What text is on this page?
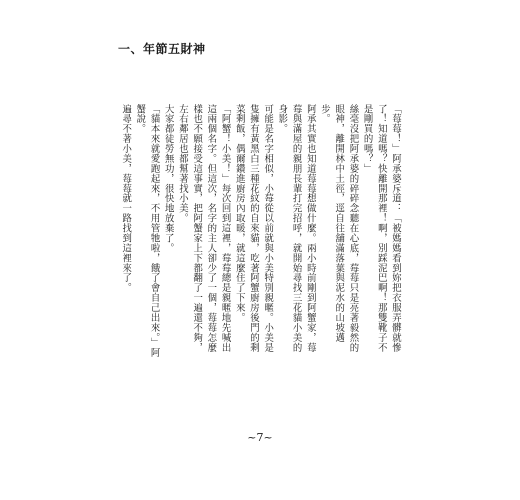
一、年節五財神

「莓莓！」阿承婆斥道：「被媽媽看到妳把衣服弄髒就慘了！知道嗎？快離開那裡！啊，別踩泥巴啊！那雙靴子不是剛買的嗎？」

絲毫沒把阿承婆的碎碎念聽在心底，莓莓只是亮著毅然的眼神，離開林中土徑，逕自往舖滿落葉與泥水的山坡邁步。

阿承其實也知道莓莓想做什麼。兩小時前剛到阿蟹家，莓莓與滿屋的親朋長輩打完招呼，就開始尋找三花貓小美的身影。

可能是名字相似，小莓從以前就與小美特別親暱。小美是隻擁有黃黑白三種花紋的自來貓，吃著阿蟹廚房後門的剩菜剩飯，偶爾鑽進廚房內取暖，就這麼住了下來。

「阿蟹！小美！」每次回到這裡，莓莓總是親暱地先喊出這兩個名字。但這次，名字的主人卻少了一個，莓莓怎麼樣也不願接受這事實，把阿蟹家上下都翻了一遍還不夠，左右鄰居也都幫著找小美。

大家都徒勞無功，很快地放棄了。

「貓本來就愛跑起來，不用管牠啦，餓了會自己出來。」阿蟹說。

遍尋不著小美，莓莓就一路找到這裡來了。

~7~
